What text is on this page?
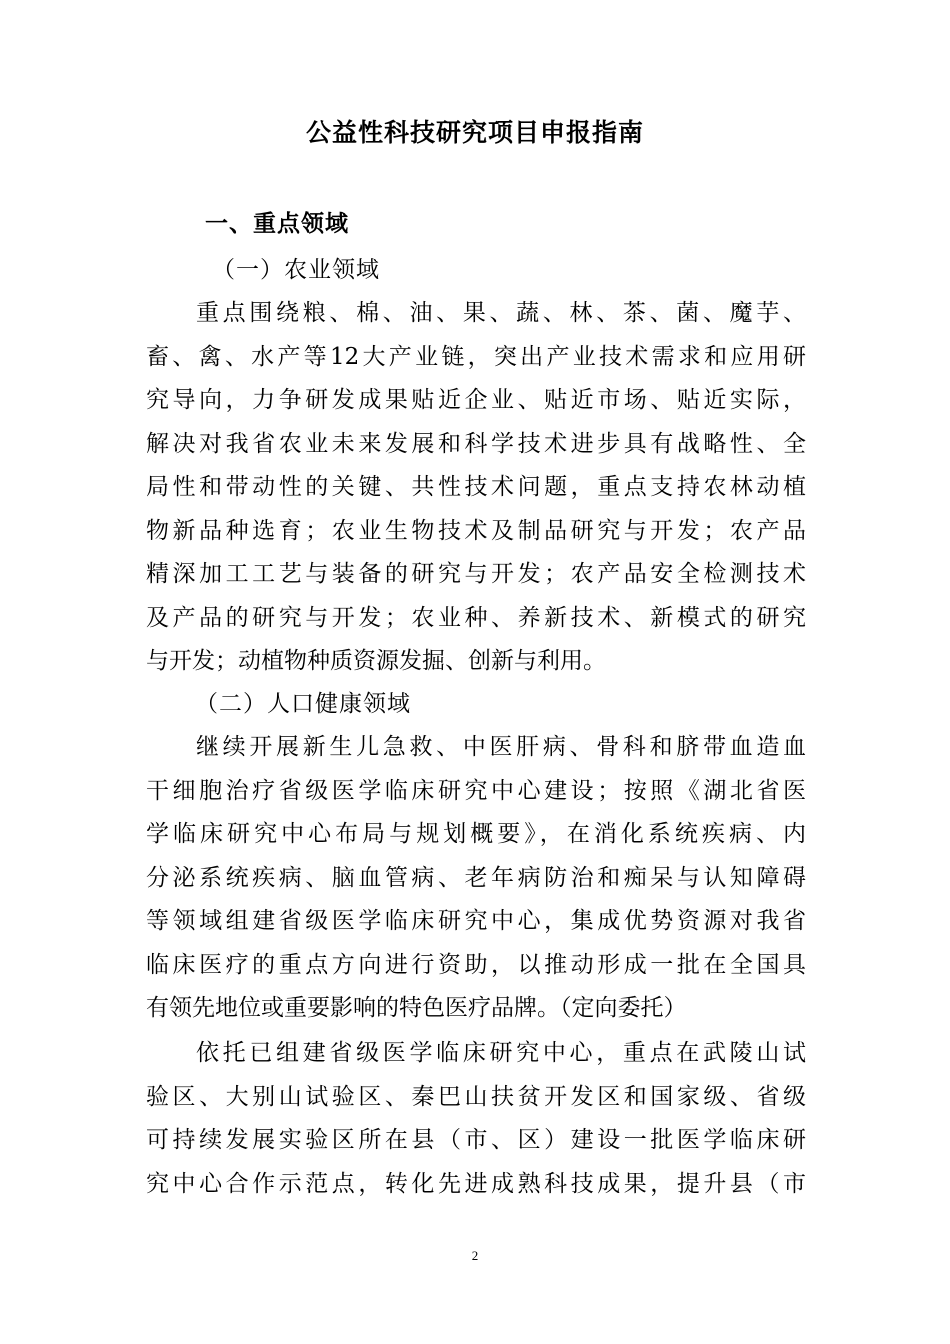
公益性科技研究项目申报指南
一、重点领域
（一）农业领域
重点围绕粮、棉、油、果、蔬、林、茶、菌、魔芋、
畜、禽、水产等12大产业链，突出产业技术需求和应用研
究导向，力争研发成果贴近企业、贴近市场、贴近实际，
解决对我省农业未来发展和科学技术进步具有战略性、全
局性和带动性的关键、共性技术问题，重点支持农林动植
物新品种选育；农业生物技术及制品研究与开发；农产品
精深加工工艺与装备的研究与开发；农产品安全检测技术
及产品的研究与开发；农业种、养新技术、新模式的研究
与开发；动植物种质资源发掘、创新与利用。
（二）人口健康领域
继续开展新生儿急救、中医肝病、骨科和脐带血造血
干细胞治疗省级医学临床研究中心建设；按照《湖北省医
学临床研究中心布局与规划概要》，在消化系统疾病、内
分泌系统疾病、脑血管病、老年病防治和痴呆与认知障碍
等领域组建省级医学临床研究中心，集成优势资源对我省
临床医疗的重点方向进行资助，以推动形成一批在全国具
有领先地位或重要影响的特色医疗品牌。（定向委托）
依托已组建省级医学临床研究中心，重点在武陵山试
验区、大别山试验区、秦巴山扶贫开发区和国家级、省级
可持续发展实验区所在县（市、区）建设一批医学临床研
究中心合作示范点，转化先进成熟科技成果，提升县（市
2
